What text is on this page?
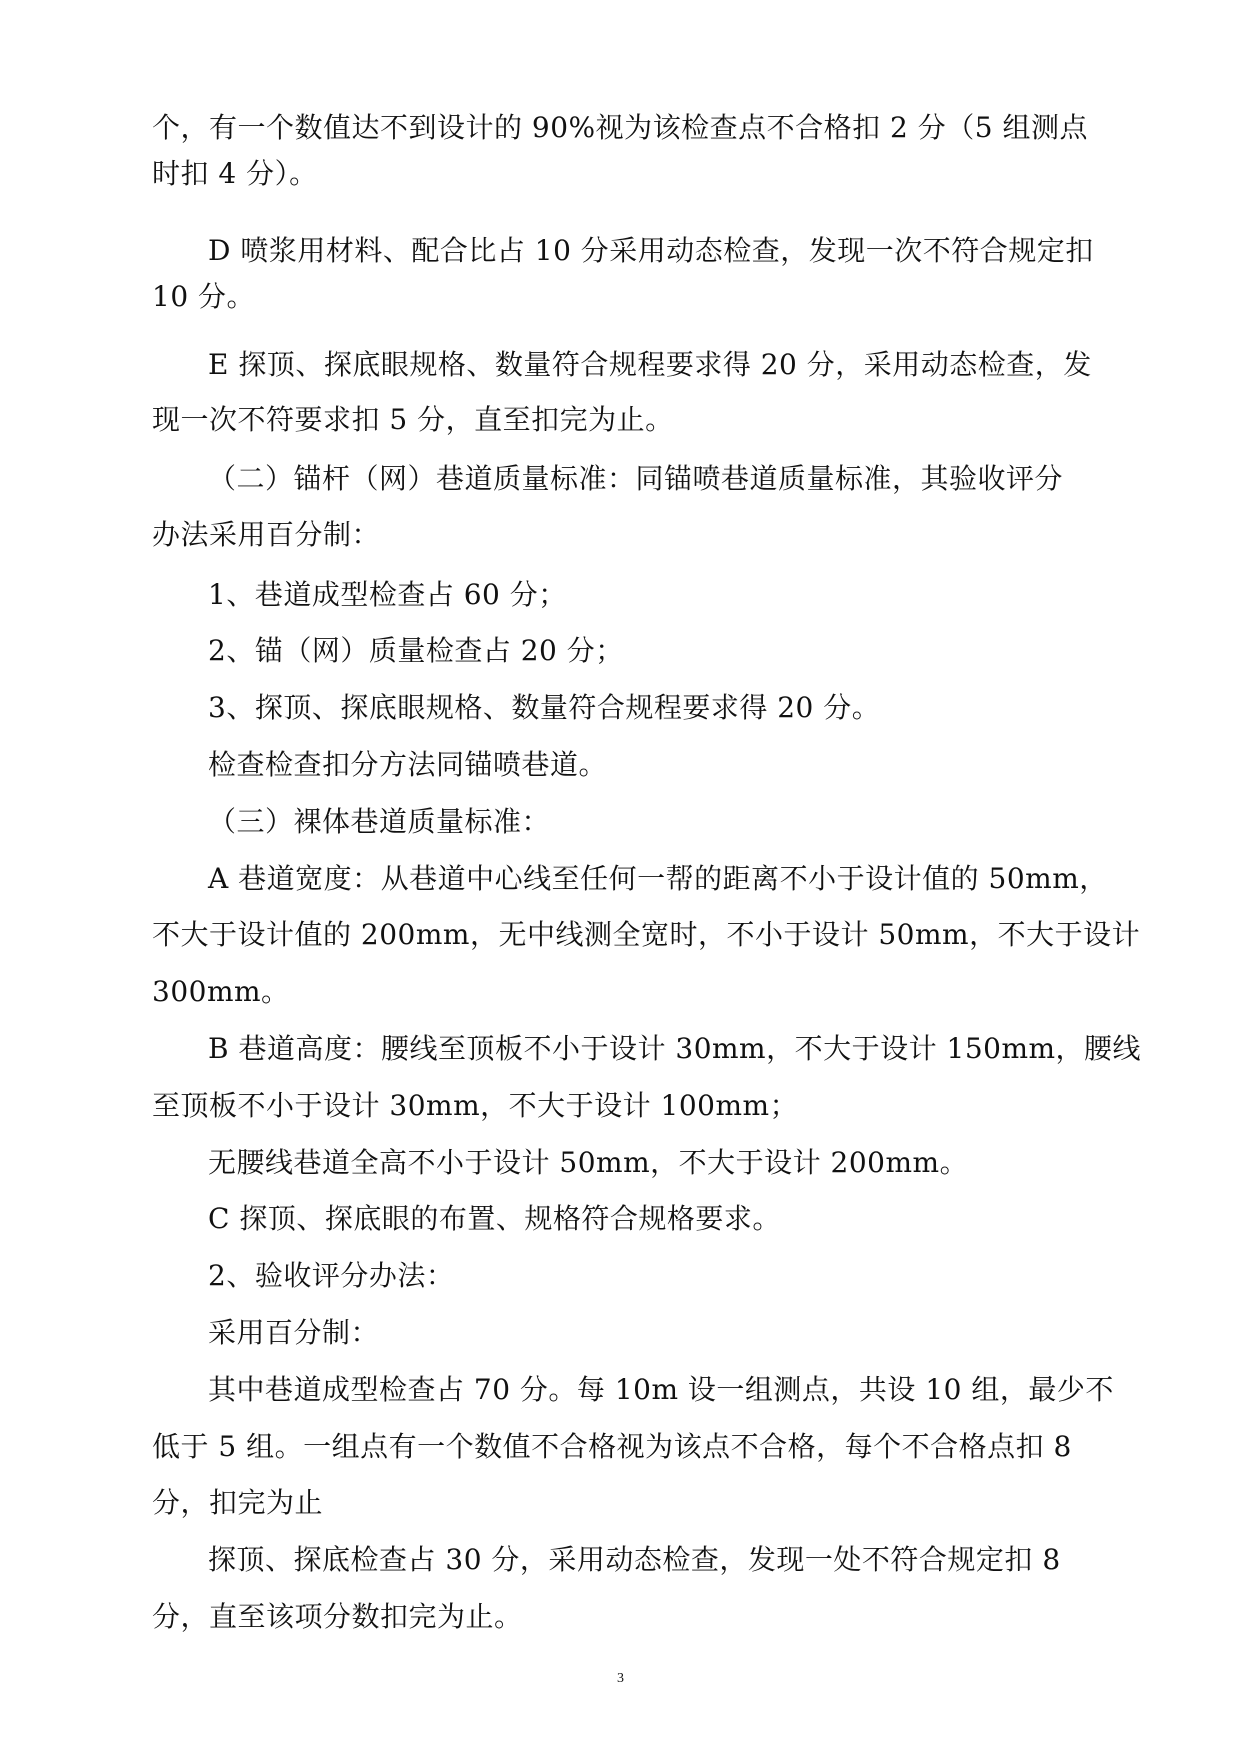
个，有一个数值达不到设计的 90%视为该检查点不合格扣 2 分（5 组测点
时扣 4 分）。
D 喷浆用材料、配合比占 10 分采用动态检查，发现一次不符合规定扣
10 分。
E 探顶、探底眼规格、数量符合规程要求得 20 分，采用动态检查，发
现一次不符要求扣 5 分，直至扣完为止。
（二）锚杆（网）巷道质量标准：同锚喷巷道质量标准，其验收评分
办法采用百分制：
1、巷道成型检查占 60 分；
2、锚（网）质量检查占 20 分；
3、探顶、探底眼规格、数量符合规程要求得 20 分。
检查检查扣分方法同锚喷巷道。
（三）裸体巷道质量标准：
A 巷道宽度：从巷道中心线至任何一帮的距离不小于设计值的 50mm，
不大于设计值的 200mm，无中线测全宽时，不小于设计 50mm，不大于设计
300mm。
B 巷道高度：腰线至顶板不小于设计 30mm，不大于设计 150mm，腰线
至顶板不小于设计 30mm，不大于设计 100mm；
无腰线巷道全高不小于设计 50mm，不大于设计 200mm。
C 探顶、探底眼的布置、规格符合规格要求。
2、验收评分办法：
采用百分制：
其中巷道成型检查占 70 分。每 10m 设一组测点，共设 10 组，最少不
低于 5 组。一组点有一个数值不合格视为该点不合格，每个不合格点扣 8
分，扣完为止
探顶、探底检查占 30 分，采用动态检查，发现一处不符合规定扣 8
分，直至该项分数扣完为止。
3
